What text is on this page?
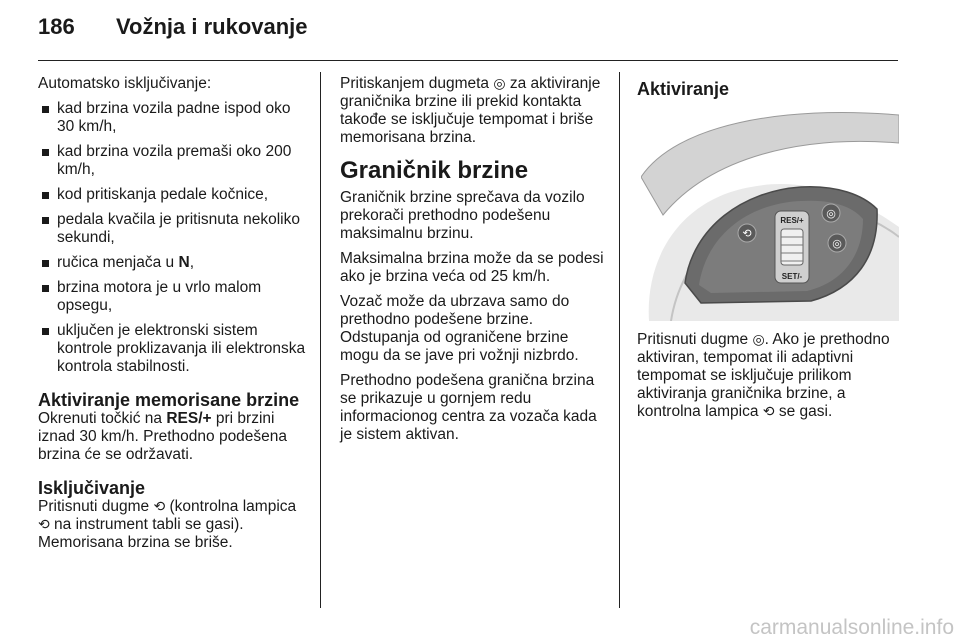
186 Vožnja i rukovanje

Automatsko isključivanje:

kad brzina vozila padne ispod oko 30 km/h,
kad brzina vozila premaši oko 200 km/h,
kod pritiskanja pedale kočnice,
pedala kvačila je pritisnuta nekoliko sekundi,
ručica menjača u N,
brzina motora je u vrlo malom opsegu,
uključen je elektronski sistem kontrole proklizavanja ili elektronska kontrola stabilnosti.
Aktiviranje memorisane brzine

Okrenuti točkić na RES/+ pri brzini iznad 30 km/h. Prethodno podešena brzina će se održavati.

Isključivanje

Pritisnuti dugme ⟲ (kontrolna lampica ⟲ na instrument tabli se gasi). Memorisana brzina se briše.

Pritiskanjem dugmeta ◎ za aktiviranje graničnika brzine ili prekid kontakta takođe se isključuje tempomat i briše memorisana brzina.

Graničnik brzine

Graničnik brzine sprečava da vozilo prekorači prethodno podešenu maksimalnu brzinu.

Maksimalna brzina može da se podesi ako je brzina veća od 25 km/h.

Vozač može da ubrzava samo do prethodno podešene brzine. Odstupanja od ograničene brzine mogu da se jave pri vožnji nizbrdo.

Prethodno podešena granična brzina se prikazuje u gornjem redu informacionog centra za vozača kada je sistem aktivan.

Aktiviranje
⟲
◎
◎
RES/+
SET/-

Pritisnuti dugme ◎. Ako je prethodno aktiviran, tempomat ili adaptivni tempomat se isključuje prilikom aktiviranja graničnika brzine, a kontrolna lampica ⟲ se gasi.

carmanualsonline.info
